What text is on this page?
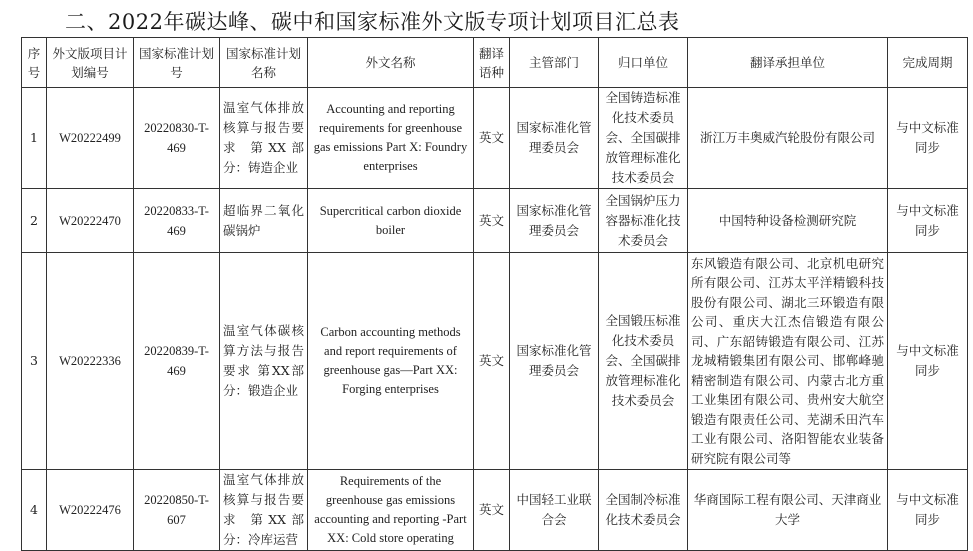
二、2022年碳达峰、碳中和国家标准外文版专项计划项目汇总表
序号	外文版项目计划编号	国家标准计划号	国家标准计划名称	外文名称	翻译语种	主管部门	归口单位	翻译承担单位	完成周期
1	W20222499	20220830-T-469	温室气体排放核算与报告要求 第XX部分：铸造企业	Accounting and reporting requirements for greenhouse gas emissions Part X: Foundry enterprises	英文	国家标准化管理委员会	全国铸造标准化技术委员会、全国碳排放管理标准化技术委员会	浙江万丰奥威汽轮股份有限公司	与中文标准同步
2	W20222470	20220833-T-469	超临界二氧化碳锅炉	Supercritical carbon dioxide boiler	英文	国家标准化管理委员会	全国锅炉压力容器标准化技术委员会	中国特种设备检测研究院	与中文标准同步
3	W20222336	20220839-T-469	温室气体碳核算方法与报告要求 第XX部分：锻造企业	Carbon accounting methods and report requirements of greenhouse gas—Part XX: Forging enterprises	英文	国家标准化管理委员会	全国锻压标准化技术委员会、全国碳排放管理标准化技术委员会	东风锻造有限公司、北京机电研究所有限公司、江苏太平洋精锻科技股份有限公司、湖北三环锻造有限公司、重庆大江杰信锻造有限公司、广东韶铸锻造有限公司、江苏龙城精锻集团有限公司、邯郸峰驰精密制造有限公司、内蒙古北方重工业集团有限公司、贵州安大航空锻造有限责任公司、芜湖禾田汽车工业有限公司、洛阳智能农业装备研究院有限公司等	与中文标准同步
4	W20222476	20220850-T-607	温室气体排放核算与报告要求 第XX部分：冷库运营	Requirements of the greenhouse gas emissions accounting and reporting -Part XX: Cold store operating	英文	中国轻工业联合会	全国制冷标准化技术委员会	华商国际工程有限公司、天津商业大学	与中文标准同步
